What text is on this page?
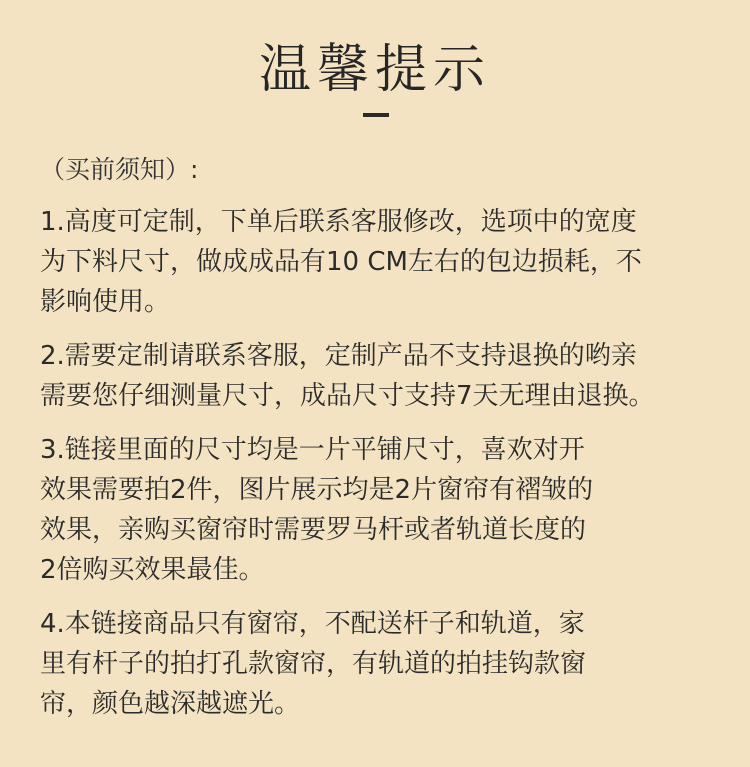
温馨提示
（买前须知）:
1.高度可定制，下单后联系客服修改，选项中的宽度
为下料尺寸，做成成品有10 CM左右的包边损耗，不
影响使用。
2.需要定制请联系客服，定制产品不支持退换的哟亲
需要您仔细测量尺寸，成品尺寸支持7天无理由退换。
3.链接里面的尺寸均是一片平铺尺寸，喜欢对开
效果需要拍2件，图片展示均是2片窗帘有褶皱的
效果，亲购买窗帘时需要罗马杆或者轨道长度的
2倍购买效果最佳。
4.本链接商品只有窗帘，不配送杆子和轨道，家
里有杆子的拍打孔款窗帘，有轨道的拍挂钩款窗
帘，颜色越深越遮光。
